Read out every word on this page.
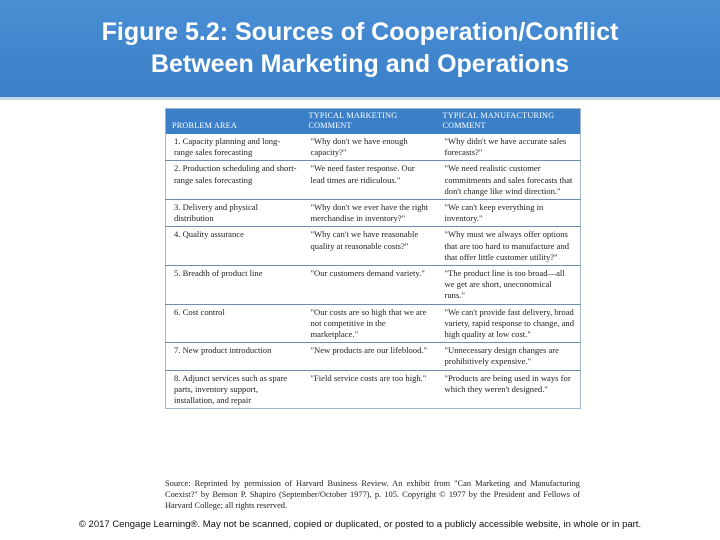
Figure 5.2: Sources of Cooperation/Conflict
Between Marketing and Operations
PROBLEM AREA	TYPICAL MARKETING COMMENT	TYPICAL MANUFACTURING COMMENT
1. Capacity planning and long-range sales forecasting	"Why don't we have enough capacity?"	"Why didn't we have accurate sales forecasts?"
2. Production scheduling and short-range sales forecasting	"We need faster response. Our lead times are ridiculous."	"We need realistic customer commitments and sales forecasts that don't change like wind direction."
3. Delivery and physical distribution	"Why don't we ever have the right merchandise in inventory?"	"We can't keep everything in inventory."
4. Quality assurance	"Why can't we have reasonable quality at reasonable costs?"	"Why must we always offer options that are too hard to manufacture and that offer little customer utility?"
5. Breadth of product line	"Our customers demand variety."	"The product line is too broad—all we get are short, uneconomical runs."
6. Cost control	"Our costs are so high that we are not competitive in the marketplace."	"We can't provide fast delivery, broad variety, rapid response to change, and high quality at low cost."
7. New product introduction	"New products are our lifeblood."	"Unnecessary design changes are prohibitively expensive."
8. Adjunct services such as spare parts, inventory support, installation, and repair	"Field service costs are too high."	"Products are being used in ways for which they weren't designed."
Source: Reprinted by permission of Harvard Business Review. An exhibit from "Can Marketing and Manufacturing Coexist?" by Benson P. Shapiro (September/October 1977), p. 105. Copyright © 1977 by the President and Fellows of Harvard College; all rights reserved.
© 2017 Cengage Learning®. May not be scanned, copied or duplicated, or posted to a publicly accessible website, in whole or in part.
